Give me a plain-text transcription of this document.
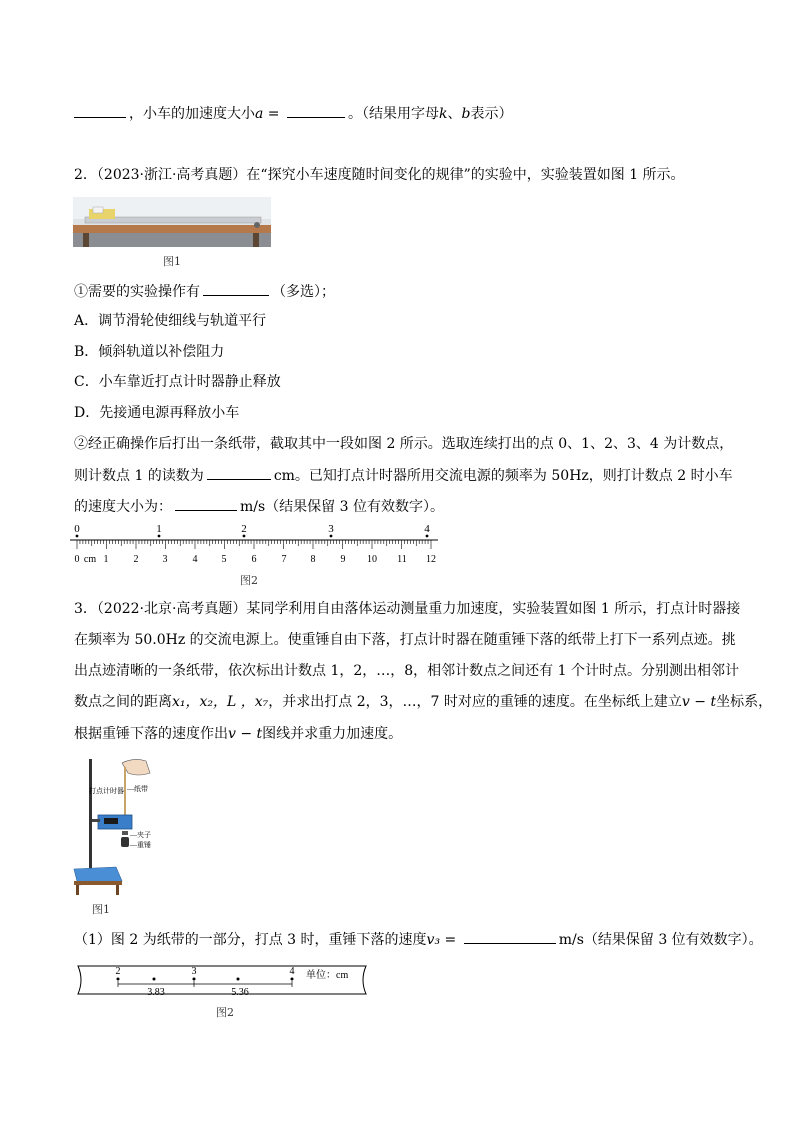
，小车的加速度大小a =	。（结果用字母k、b表示）
2．（2023·浙江·高考真题）在“探究小车速度随时间变化的规律”的实验中，实验装置如图 1 所示。
图1
①需要的实验操作有	（多选）；
A．调节滑轮使细线与轨道平行
B．倾斜轨道以补偿阻力
C．小车靠近打点计时器静止释放
D．先接通电源再释放小车
②经正确操作后打出一条纸带，截取其中一段如图 2 所示。选取连续打出的点 0、1、2、3、4 为计数点，
则计数点 1 的读数为	cm。已知打点计时器所用交流电源的频率为 50Hz，则打计数点 2 时小车
的速度大小为：	m/s（结果保留 3 位有效数字）。
0	1	2	3	4
0 cm 1	2 3	4 5	6	7 8	9 10 11 12
图2
3．（2022·北京·高考真题）某同学利用自由落体运动测量重力加速度，实验装置如图 1 所示，打点计时器接
在频率为 50.0Hz 的交流电源上。使重锤自由下落，打点计时器在随重锤下落的纸带上打下一系列点迹。挑
出点迹清晰的一条纸带，依次标出计数点 1，2，…，8，相邻计数点之间还有 1 个计时点。分别测出相邻计
数点之间的距离x₁，x₂，L ，x₇，并求出打点 2，3，…，7 时对应的重锤的速度。在坐标纸上建立v − t坐标系，
根据重锤下落的速度作出v − t图线并求重力加速度。
打点计时器 —纸带
—夹子
—重锤
图1
（1）图 2 为纸带的一部分，打点 3 时，重锤下落的速度v₃ =	m/s（结果保留 3 位有效数字）。
2	3	4 单位：cm
3.83	5.36
图2
